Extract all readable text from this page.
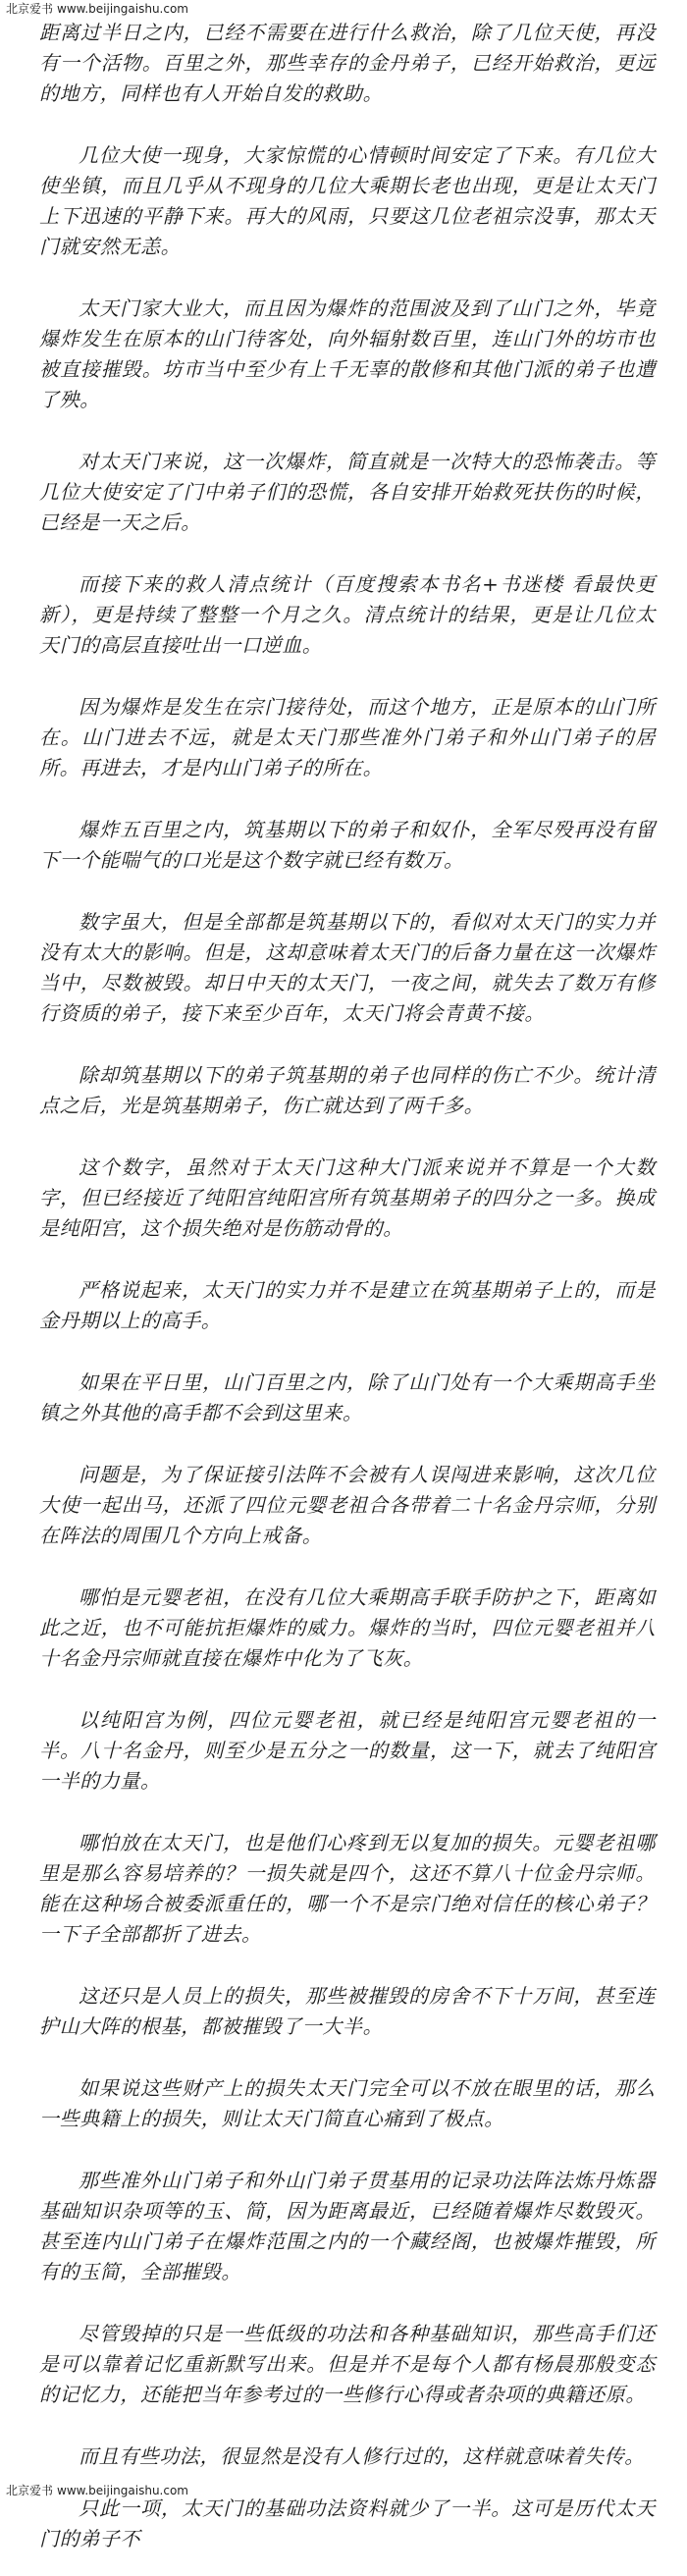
北京爱书 www.beijingaishu.com

距离过半日之内，已经不需要在进行什么救治，除了几位天使，再没有一个活物。百里之外，那些幸存的金丹弟子，已经开始救治，更远的地方，同样也有人开始自发的救助。

几位大使一现身，大家惊慌的心情顿时间安定了下来。有几位大使坐镇，而且几乎从不现身的几位大乘期长老也出现，更是让太天门上下迅速的平静下来。再大的风雨，只要这几位老祖宗没事，那太天门就安然无恙。

太天门家大业大，而且因为爆炸的范围波及到了山门之外，毕竟爆炸发生在原本的山门待客处，向外辐射数百里，连山门外的坊市也被直接摧毁。坊市当中至少有上千无辜的散修和其他门派的弟子也遭了殃。

对太天门来说，这一次爆炸，简直就是一次特大的恐怖袭击。等几位大使安定了门中弟子们的恐慌，各自安排开始救死扶伤的时候，已经是一天之后。

而接下来的救人清点统计（百度搜索本书名+书迷楼 看最快更新），更是持续了整整一个月之久。清点统计的结果，更是让几位太天门的高层直接吐出一口逆血。

因为爆炸是发生在宗门接待处，而这个地方，正是原本的山门所在。山门进去不远，就是太天门那些准外门弟子和外山门弟子的居所。再进去，才是内山门弟子的所在。

爆炸五百里之内，筑基期以下的弟子和奴仆，全军尽殁再没有留下一个能喘气的口光是这个数字就已经有数万。

数字虽大，但是全部都是筑基期以下的，看似对太天门的实力并没有太大的影响。但是，这却意味着太天门的后备力量在这一次爆炸当中，尽数被毁。却日中天的太天门，一夜之间，就失去了数万有修行资质的弟子，接下来至少百年，太天门将会青黄不接。

除却筑基期以下的弟子筑基期的弟子也同样的伤亡不少。统计清点之后，光是筑基期弟子，伤亡就达到了两千多。

这个数字，虽然对于太天门这种大门派来说并不算是一个大数字，但已经接近了纯阳宫纯阳宫所有筑基期弟子的四分之一多。换成是纯阳宫，这个损失绝对是伤筋动骨的。

严格说起来，太天门的实力并不是建立在筑基期弟子上的，而是金丹期以上的高手。

如果在平日里，山门百里之内，除了山门处有一个大乘期高手坐镇之外其他的高手都不会到这里来。

问题是，为了保证接引法阵不会被有人误闯进来影响，这次几位大使一起出马，还派了四位元婴老祖合各带着二十名金丹宗师，分别在阵法的周围几个方向上戒备。

哪怕是元婴老祖，在没有几位大乘期高手联手防护之下，距离如此之近，也不可能抗拒爆炸的威力。爆炸的当时，四位元婴老祖并八十名金丹宗师就直接在爆炸中化为了飞灰。

以纯阳宫为例，四位元婴老祖，就已经是纯阳宫元婴老祖的一半。八十名金丹，则至少是五分之一的数量，这一下，就去了纯阳宫一半的力量。

哪怕放在太天门，也是他们心疼到无以复加的损失。元婴老祖哪里是那么容易培养的？一损失就是四个，这还不算八十位金丹宗师。能在这种场合被委派重任的，哪一个不是宗门绝对信任的核心弟子？一下子全部都折了进去。

这还只是人员上的损失，那些被摧毁的房舍不下十万间，甚至连护山大阵的根基，都被摧毁了一大半。

如果说这些财产上的损失太天门完全可以不放在眼里的话，那么一些典籍上的损失，则让太天门简直心痛到了极点。

那些准外山门弟子和外山门弟子贯基用的记录功法阵法炼丹炼器基础知识杂项等的玉、简，因为距离最近，已经随着爆炸尽数毁灭。甚至连内山门弟子在爆炸范围之内的一个藏经阁，也被爆炸摧毁，所有的玉简，全部摧毁。

尽管毁掉的只是一些低级的功法和各种基础知识，那些高手们还是可以靠着记忆重新默写出来。但是并不是每个人都有杨晨那般变态的记忆力，还能把当年参考过的一些修行心得或者杂项的典籍还原。

而且有些功法，很显然是没有人修行过的，这样就意味着失传。

只此一项，太天门的基础功法资料就少了一半。这可是历代太天门的弟子不

北京爱书 www.beijingaishu.com
